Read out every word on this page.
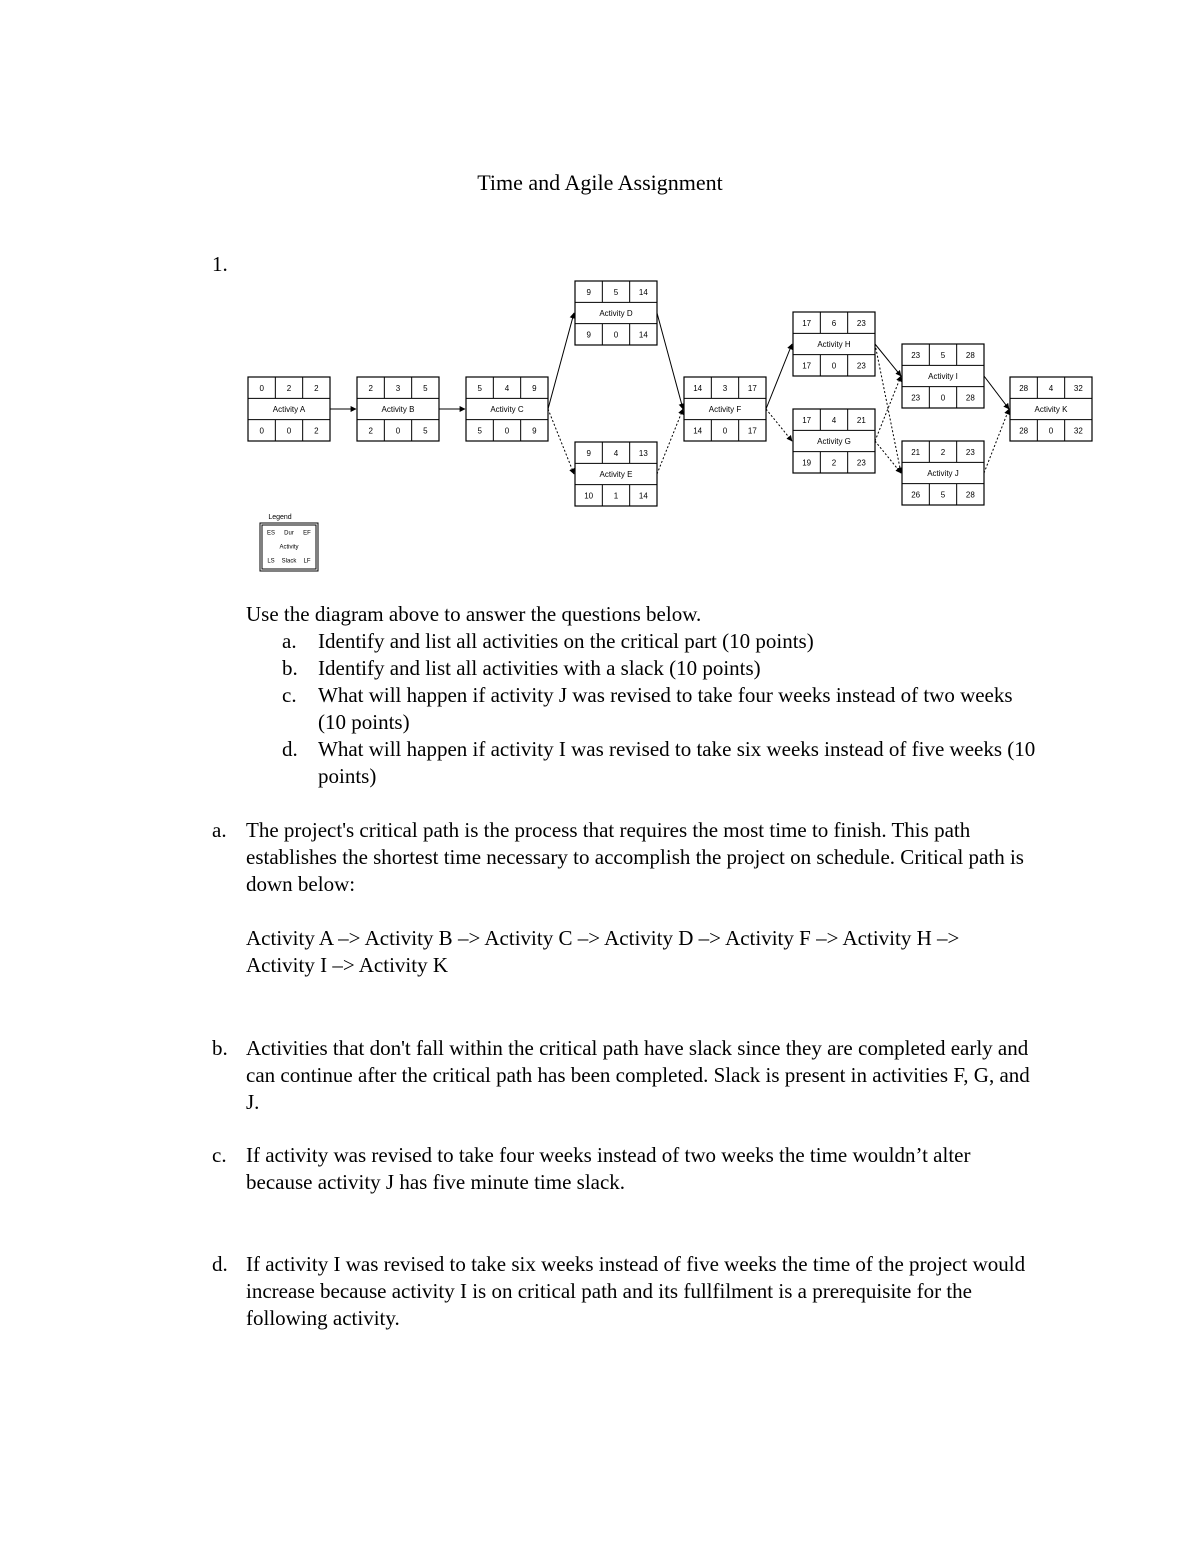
Time and Agile Assignment
1.
0	2	2
Activity A
0	0	2
2	3	5
Activity B
2	0	5
5	4	9
Activity C
5	0	9
9	5	14
Activity D
9	0	14
9	4	13
Activity E
10	1	14
14	3	17
Activity F
14	0	17
17	6	23
Activity H
17	0	23
17	4	21
Activity G
19	2	23
23	5	28
Activity I
23	0	28
21	2	23
Activity J
26	5	28
28	4	32
Activity K
28	0	32
Legend
ES Dur EF
Activity
LS Slack LF
Use the diagram above to answer the questions below.
a. Identify and list all activities on the critical part (10 points)
b. Identify and list all activities with a slack (10 points)
c. What will happen if activity J was revised to take four weeks instead of two weeks (10 points)
d. What will happen if activity I was revised to take six weeks instead of five weeks (10 points)
a. The project's critical path is the process that requires the most time to finish. This path establishes the shortest time necessary to accomplish the project on schedule. Critical path is down below:

Activity A –> Activity B –> Activity C –> Activity D –> Activity F –> Activity H –> Activity I –> Activity K

b. Activities that don't fall within the critical path have slack since they are completed early and can continue after the critical path has been completed. Slack is present in activities F, G, and J.

c. If activity was revised to take four weeks instead of two weeks the time wouldn’t alter because activity J has five minute time slack.

d. If activity I was revised to take six weeks instead of five weeks the time of the project would increase because activity I is on critical path and its fullfilment is a prerequisite for the following activity.
